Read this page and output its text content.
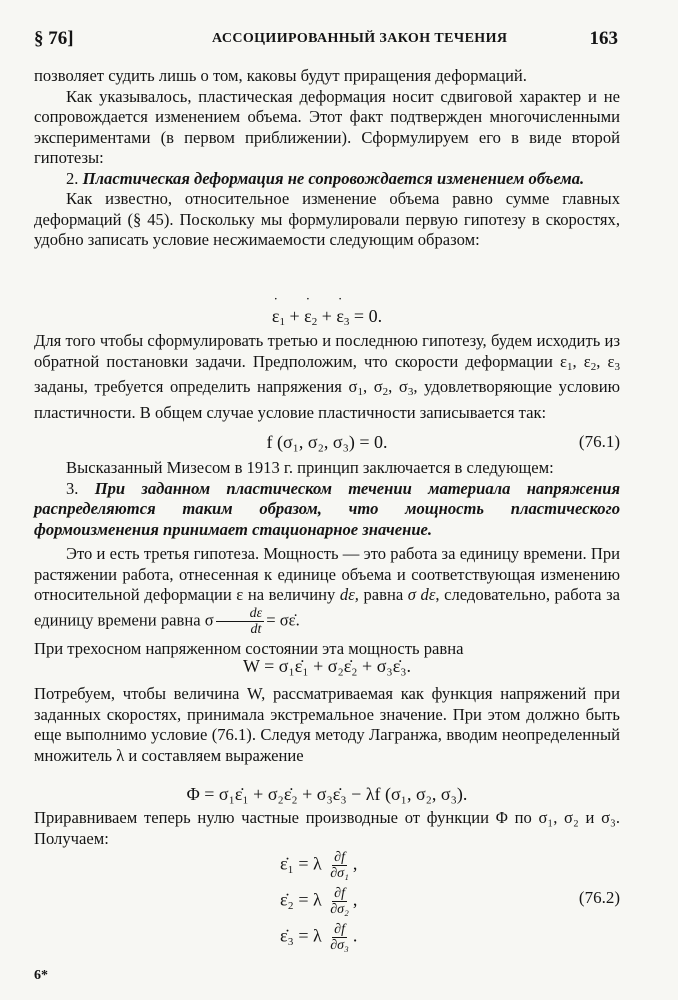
§ 76]	АССОЦИИРОВАННЫЙ ЗАКОН ТЕЧЕНИЯ	163

позволяет судить лишь о том, каковы будут приращения деформаций.

Как указывалось, пластическая деформация носит сдвиговой характер и не сопровождается изменением объема. Этот факт подтвержден многочисленными экспериментами (в первом приближении). Сформулируем его в виде второй гипотезы:

2. Пластическая деформация не сопровождается изменением объема.

Как известно, относительное изменение объема равно сумме главных деформаций (§ 45). Поскольку мы формулировали первую гипотезу в скоростях, удобно записать условие несжимаемости следующим образом:

˙ $\varepsilon_1$ + ˙ $\varepsilon_2$ + ˙ $\varepsilon_3 = 0$.

Для того чтобы сформулировать третью и последнюю гипотезу, будем исходить из обратной постановки задачи. Предположим, что скорости деформации ˙ $\varepsilon_1$, ˙ $\varepsilon_2$, ˙ $\varepsilon_3$ заданы, требуется определить напряжения $\sigma_1$, $\sigma_2$, $\sigma_3$, удовлетворяющие условию пластичности. В общем случае условие пластичности записывается так:

f (σ₁, σ₂, σ₃) = 0.	(76.1)

Высказанный Мизесом в 1913 г. принцип заключается в следующем:

3. При заданном пластическом течении материала напряжения распределяются таким образом, что мощность пластического формоизменения принимает стационарное значение.

Это и есть третья гипотеза. Мощность — это работа за единицу времени. При растяжении работа, отнесенная к единице объема и соответствующая изменению относительной деформации ε на величину dε, равна σ dε, следовательно, работа за единицу времени равна σ $\frac{d\varepsilon}{dt}$ = σε̇.

При трехосном напряженном состоянии эта мощность равна

W = σ₁ε̇₁ + σ₂ε̇₂ + σ₃ε̇₃.

Потребуем, чтобы величина W, рассматриваемая как функция напряжений при заданных скоростях, принимала экстремальное значение. При этом должно быть еще выполнимо условие (76.1). Следуя методу Лагранжа, вводим неопределенный множитель λ и составляем выражение

Φ = σ₁ε̇₁ + σ₂ε̇₂ + σ₃ε̇₃ − λf (σ₁, σ₂, σ₃).

Приравниваем теперь нулю частные производные от функции Φ по σ₁, σ₂ и σ₃. Получаем:

ε̇₁ = λ $\frac{\partial f}{\text{∂σ₁}}$ ,
ε̇₂ = λ $\frac{\partial f}{\text{∂σ₂}}$ ,
ε̇₃ = λ $\frac{\partial f}{\text{∂σ₃}}$ .
(76.2)
6*
